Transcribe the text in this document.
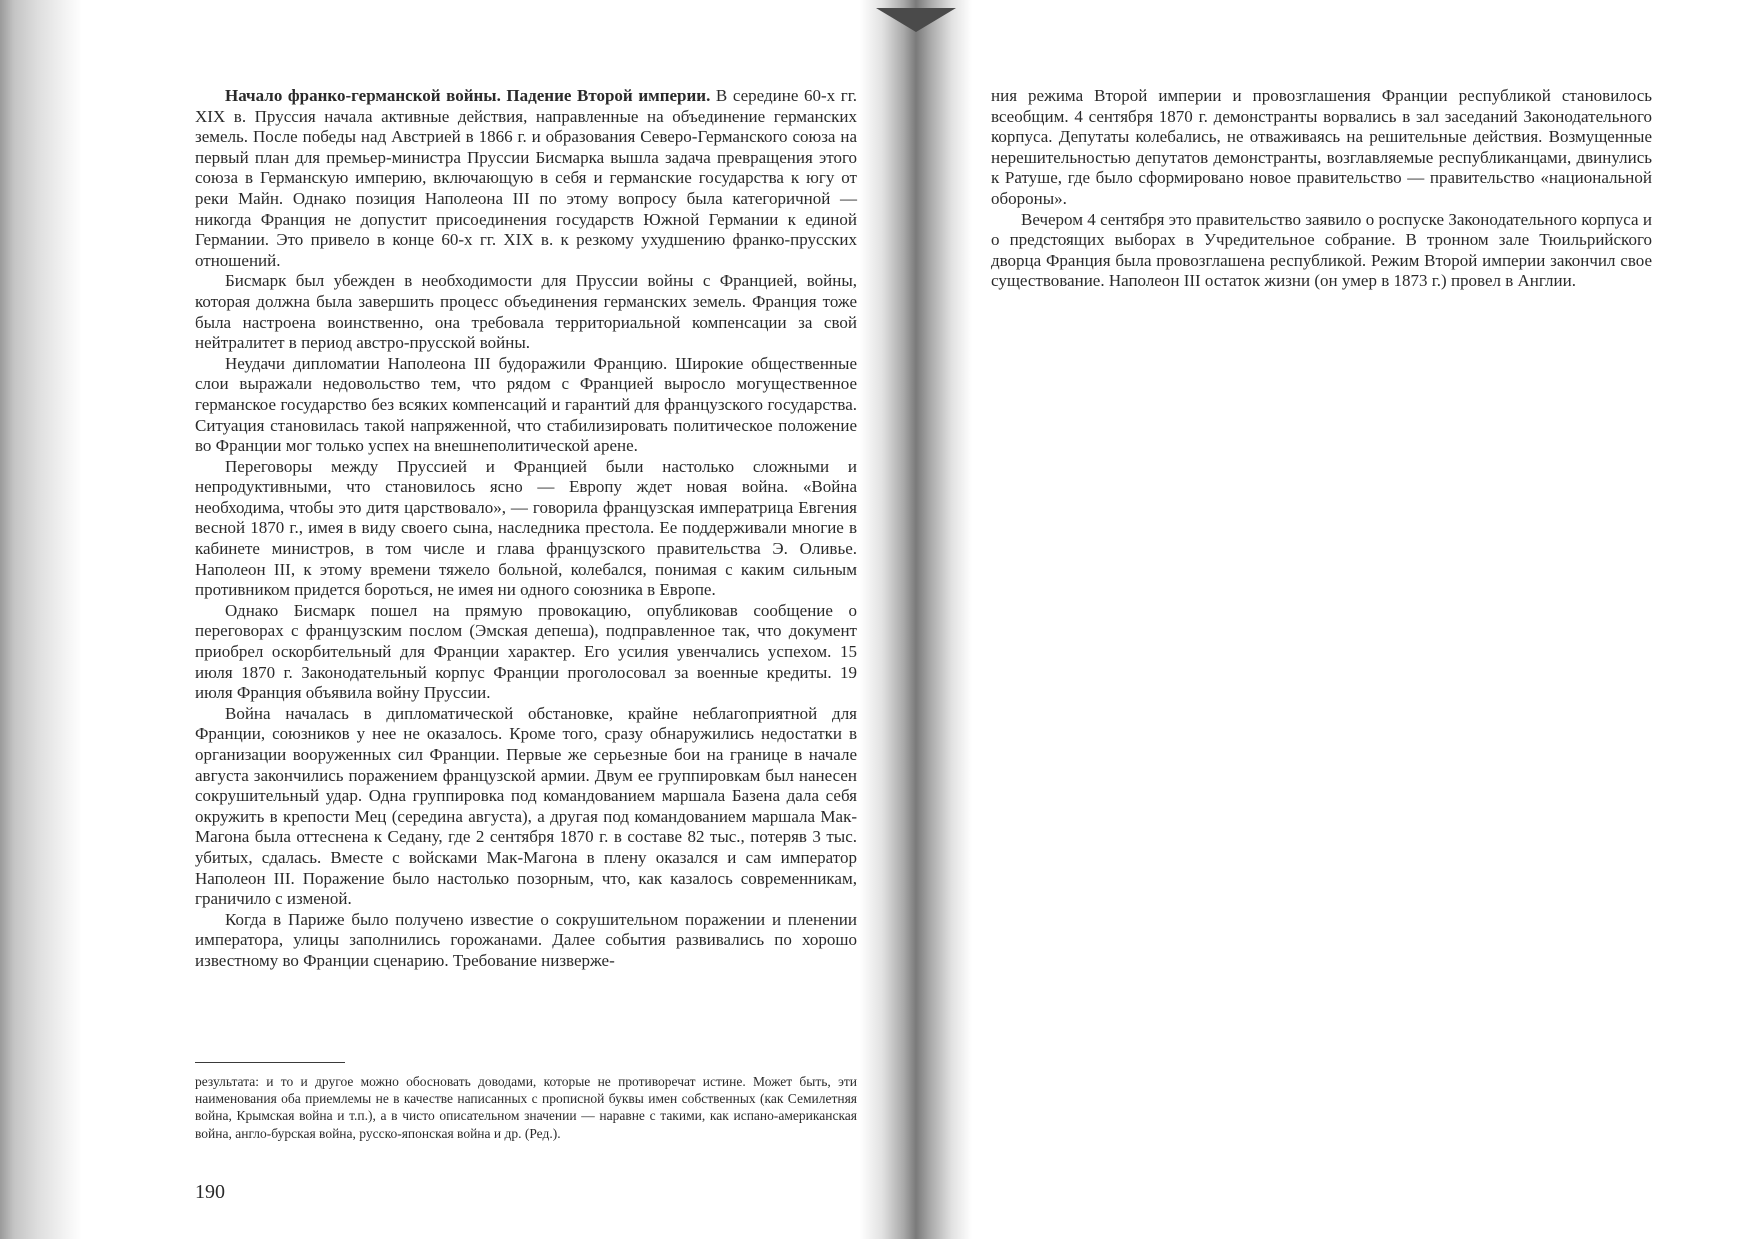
Начало франко-германской войны. Падение Второй империи. В середине 60-х гг. XIX в. Пруссия начала активные действия, направленные на объединение германских земель. После победы над Австрией в 1866 г. и образования Северо-Германского союза на первый план для премьер-министра Пруссии Бисмарка вышла задача превращения этого союза в Германскую империю, включающую в себя и германские государства к югу от реки Майн. Однако позиция Наполеона III по этому вопросу была категоричной — никогда Франция не допустит присоединения государств Южной Германии к единой Германии. Это привело в конце 60-х гг. XIX в. к резкому ухудшению франко-прусских отношений.

Бисмарк был убежден в необходимости для Пруссии войны с Францией, войны, которая должна была завершить процесс объединения германских земель. Франция тоже была настроена воинственно, она требовала территориальной компенсации за свой нейтралитет в период австро-прусской войны.

Неудачи дипломатии Наполеона III будоражили Францию. Широкие общественные слои выражали недовольство тем, что рядом с Францией выросло могущественное германское государство без всяких компенсаций и гарантий для французского государства. Ситуация становилась такой напряженной, что стабилизировать политическое положение во Франции мог только успех на внешнеполитической арене.

Переговоры между Пруссией и Францией были настолько сложными и непродуктивными, что становилось ясно — Европу ждет новая война. «Война необходима, чтобы это дитя царствовало», — говорила французская императрица Евгения весной 1870 г., имея в виду своего сына, наследника престола. Ее поддерживали многие в кабинете министров, в том числе и глава французского правительства Э. Оливье. Наполеон III, к этому времени тяжело больной, колебался, понимая с каким сильным противником придется бороться, не имея ни одного союзника в Европе.

Однако Бисмарк пошел на прямую провокацию, опубликовав сообщение о переговорах с французским послом (Эмская депеша), подправленное так, что документ приобрел оскорбительный для Франции характер. Его усилия увенчались успехом. 15 июля 1870 г. Законодательный корпус Франции проголосовал за военные кредиты. 19 июля Франция объявила войну Пруссии.

Война началась в дипломатической обстановке, крайне неблагоприятной для Франции, союзников у нее не оказалось. Кроме того, сразу обнаружились недостатки в организации вооруженных сил Франции. Первые же серьезные бои на границе в начале августа закончились поражением французской армии. Двум ее группировкам был нанесен сокрушительный удар. Одна группировка под командованием маршала Базена дала себя окружить в крепости Мец (середина августа), а другая под командованием маршала Мак-Магона была оттеснена к Седану, где 2 сентября 1870 г. в составе 82 тыс., потеряв 3 тыс. убитых, сдалась. Вместе с войсками Мак-Магона в плену оказался и сам император Наполеон III. Поражение было настолько позорным, что, как казалось современникам, граничило с изменой.

Когда в Париже было получено известие о сокрушительном поражении и пленении императора, улицы заполнились горожанами. Далее события развивались по хорошо известному во Франции сценарию. Требование низверже-

результата: и то и другое можно обосновать доводами, которые не противоречат истине. Может быть, эти наименования оба приемлемы не в качестве написанных с прописной буквы имен собственных (как Семилетняя война, Крымская война и т.п.), а в чисто описательном значении — наравне с такими, как испано-американская война, англо-бурская война, русско-японская война и др. (Ред.).

190

ния режима Второй империи и провозглашения Франции республикой становилось всеобщим. 4 сентября 1870 г. демонстранты ворвались в зал заседаний Законодательного корпуса. Депутаты колебались, не отваживаясь на решительные действия. Возмущенные нерешительностью депутатов демонстранты, возглавляемые республиканцами, двинулись к Ратуше, где было сформировано новое правительство — правительство «национальной обороны».

Вечером 4 сентября это правительство заявило о роспуске Законодательного корпуса и о предстоящих выборах в Учредительное собрание. В тронном зале Тюильрийского дворца Франция была провозглашена республикой. Режим Второй империи закончил свое существование. Наполеон III остаток жизни (он умер в 1873 г.) провел в Англии.
